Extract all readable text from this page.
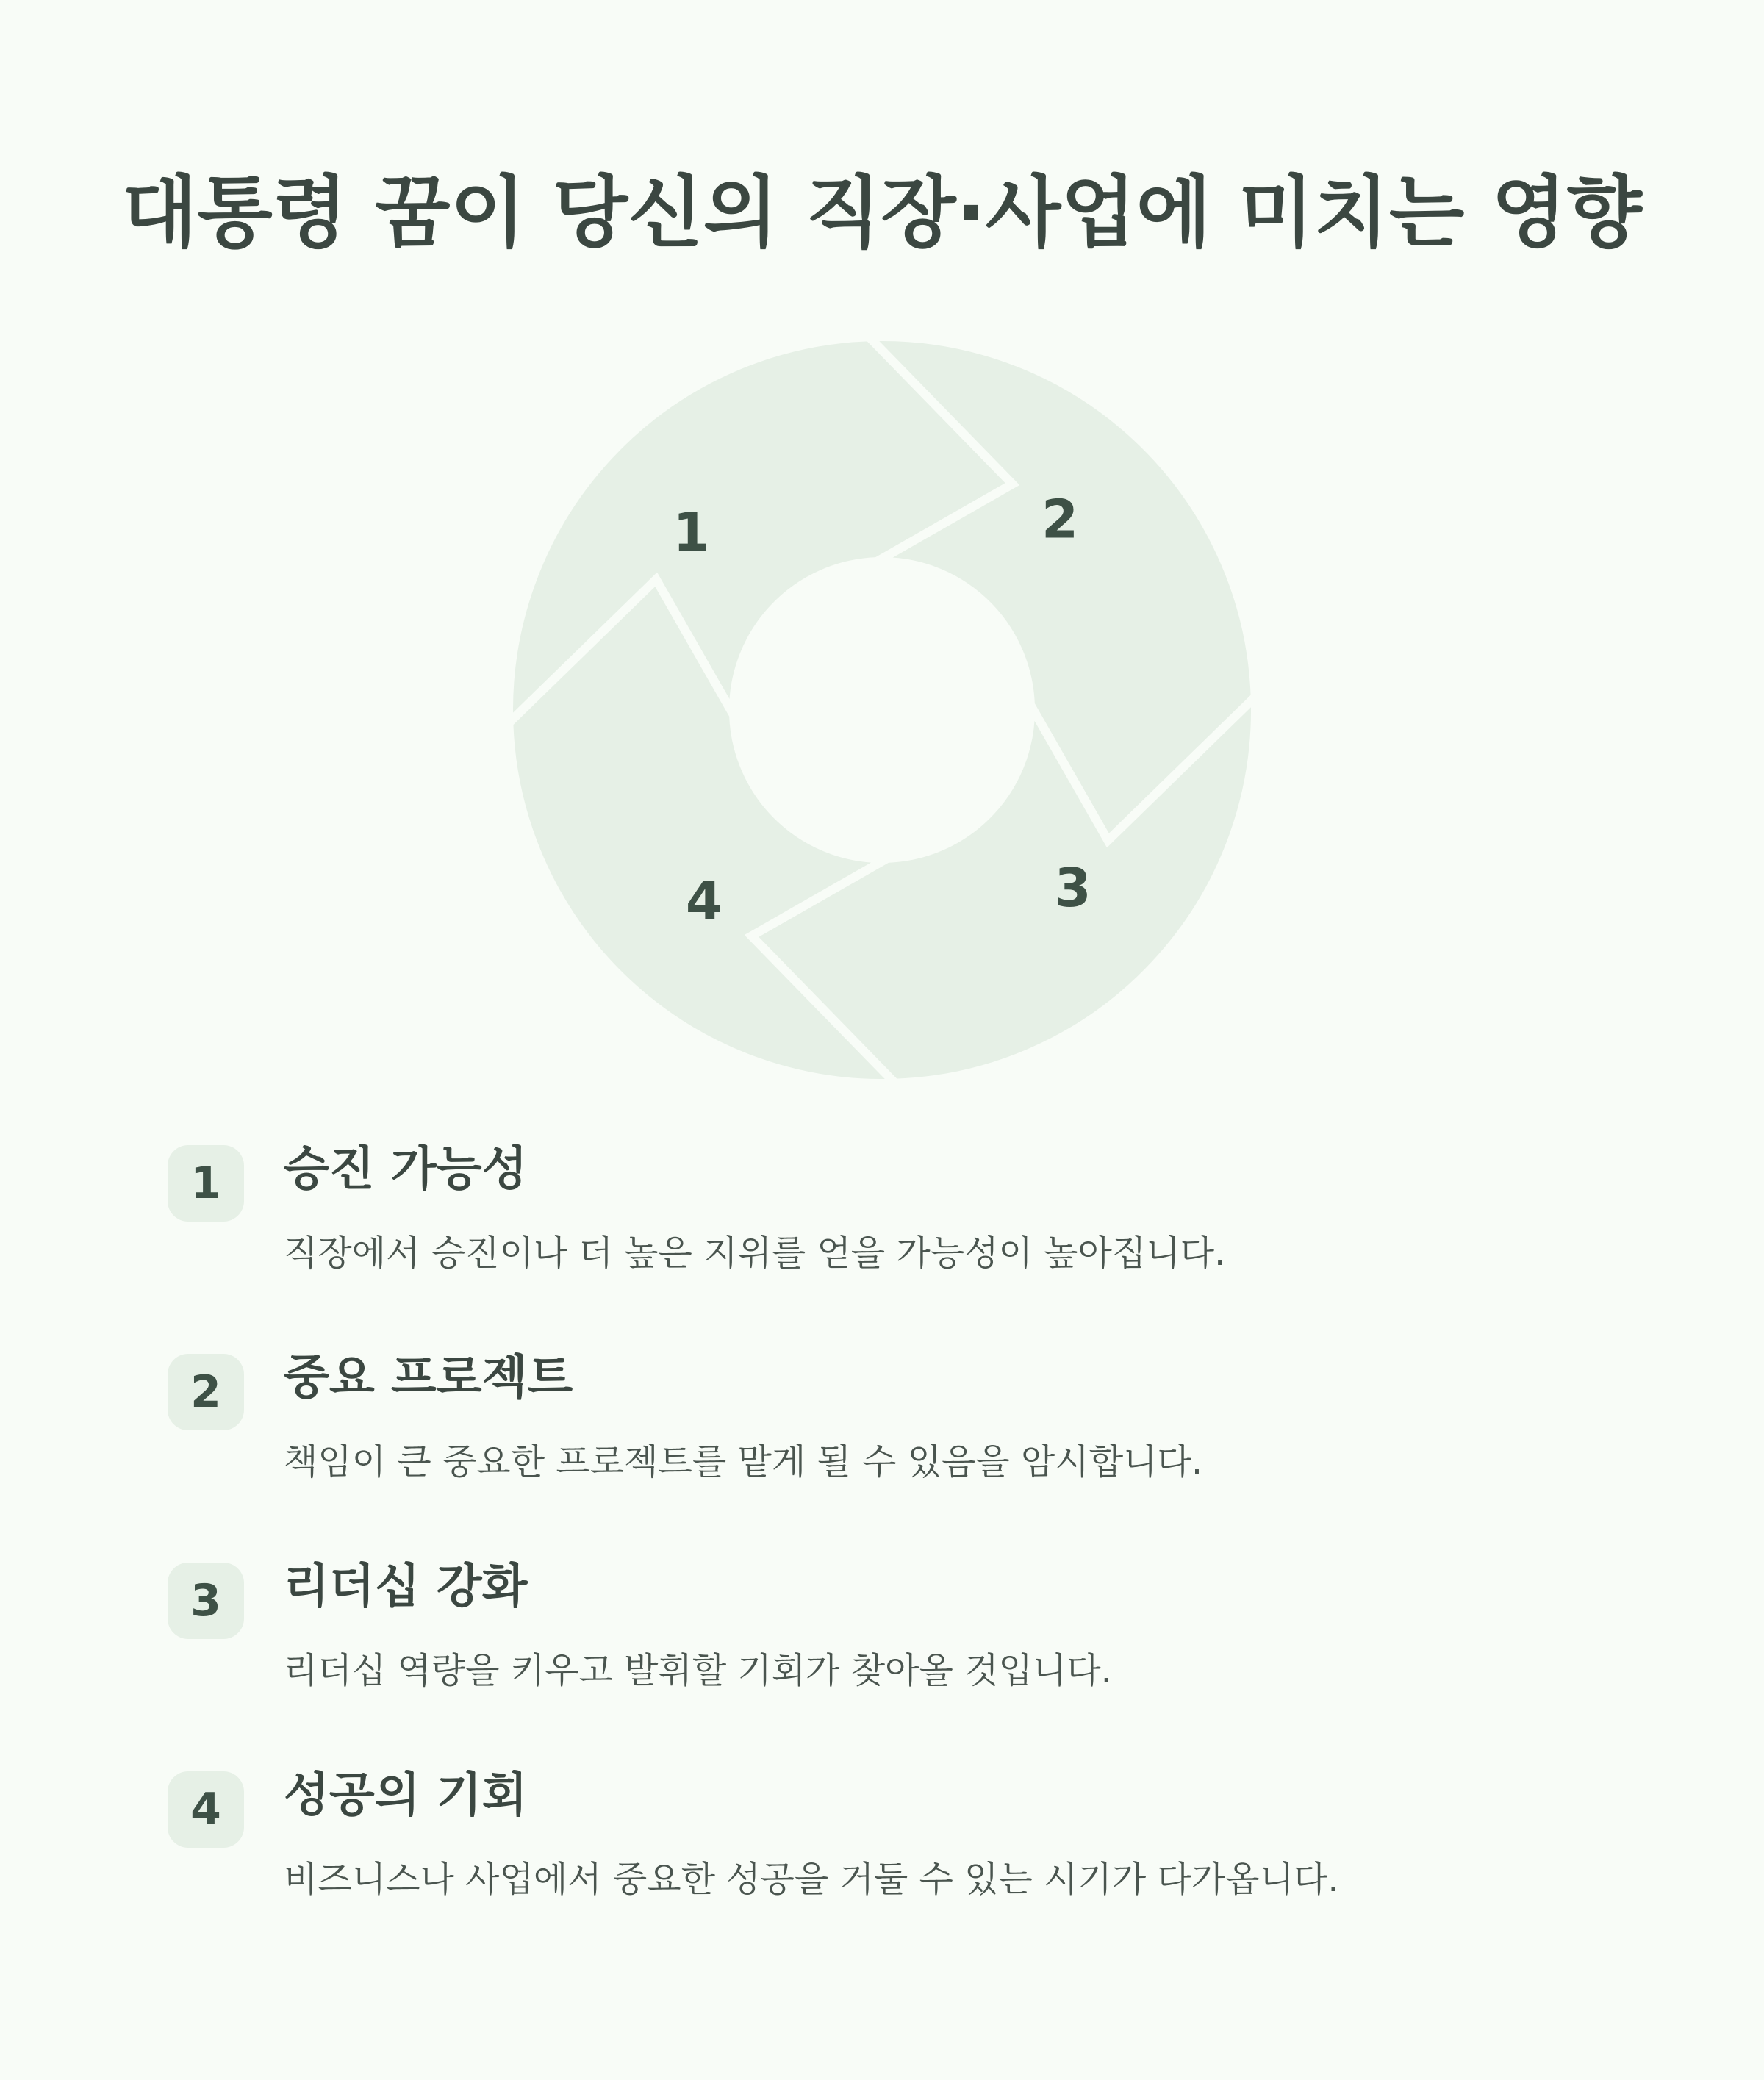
대통령 꿈이 당신의 직장·사업에 미치는 영향
1	2
3
4
1	승진 가능성
직장에서 승진이나 더 높은 지위를 얻을 가능성이 높아집니다.
2	중요 프로젝트
책임이 큰 중요한 프로젝트를 맡게 될 수 있음을 암시합니다.
3	리더십 강화
리더십 역량을 키우고 발휘할 기회가 찾아올 것입니다.
4	성공의 기회
비즈니스나 사업에서 중요한 성공을 거둘 수 있는 시기가 다가옵니다.
